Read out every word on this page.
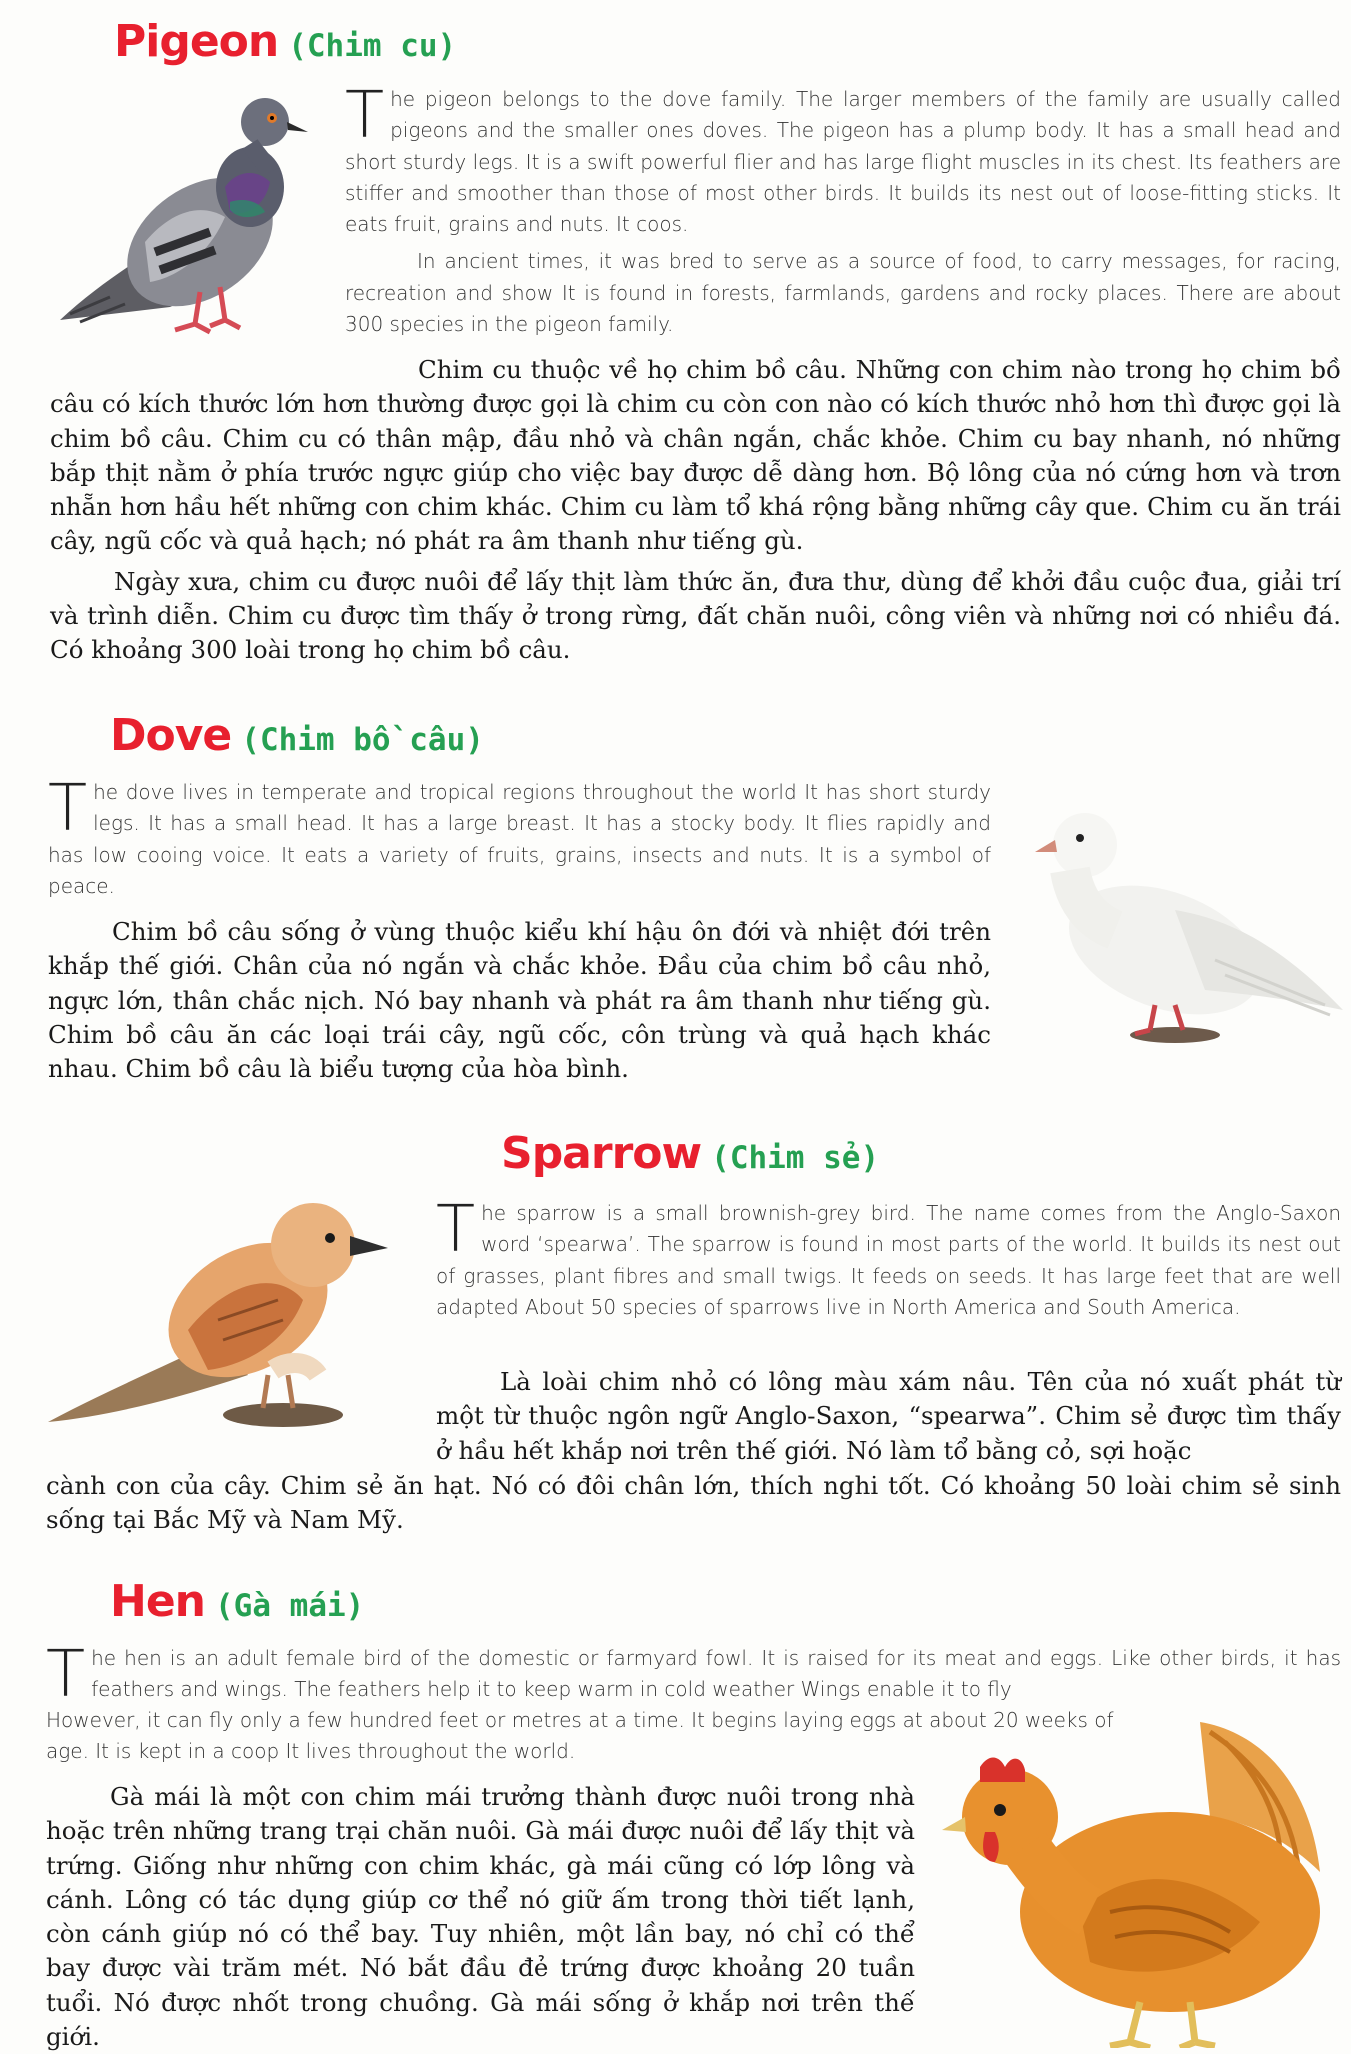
Pigeon (Chim cu)

The pigeon belongs to the dove family. The larger members of the family are usually called pigeons and the smaller ones doves. The pigeon has a plump body. It has a small head and short sturdy legs. It is a swift powerful flier and has large flight muscles in its chest. Its feathers are stiffer and smoother than those of most other birds. It builds its nest out of loose-fitting sticks. It eats fruit, grains and nuts. It coos.

In ancient times, it was bred to serve as a source of food, to carry messages, for racing, recreation and show It is found in forests, farmlands, gardens and rocky places. There are about 300 species in the pigeon family.

Chim cu thuộc về họ chim bồ câu. Những con chim nào trong họ chim bồ câu có kích thước lớn hơn thường được gọi là chim cu còn con nào có kích thước nhỏ hơn thì được gọi là chim bồ câu. Chim cu có thân mập, đầu nhỏ và chân ngắn, chắc khỏe. Chim cu bay nhanh, nó những bắp thịt nằm ở phía trước ngực giúp cho việc bay được dễ dàng hơn. Bộ lông của nó cứng hơn và trơn nhẵn hơn hầu hết những con chim khác. Chim cu làm tổ khá rộng bằng những cây que. Chim cu ăn trái cây, ngũ cốc và quả hạch; nó phát ra âm thanh như tiếng gù.

Ngày xưa, chim cu được nuôi để lấy thịt làm thức ăn, đưa thư, dùng để khởi đầu cuộc đua, giải trí và trình diễn. Chim cu được tìm thấy ở trong rừng, đất chăn nuôi, công viên và những nơi có nhiều đá. Có khoảng 300 loài trong họ chim bồ câu.

Dove (Chim bồ câu)

The dove lives in temperate and tropical regions throughout the world It has short sturdy legs. It has a small head. It has a large breast. It has a stocky body. It flies rapidly and has low cooing voice. It eats a variety of fruits, grains, insects and nuts. It is a symbol of peace.

Chim bồ câu sống ở vùng thuộc kiểu khí hậu ôn đới và nhiệt đới trên khắp thế giới. Chân của nó ngắn và chắc khỏe. Đầu của chim bồ câu nhỏ, ngực lớn, thân chắc nịch. Nó bay nhanh và phát ra âm thanh như tiếng gù. Chim bồ câu ăn các loại trái cây, ngũ cốc, côn trùng và quả hạch khác nhau. Chim bồ câu là biểu tượng của hòa bình.

Sparrow (Chim sẻ)

The sparrow is a small brownish-grey bird. The name comes from the Anglo-Saxon word ‘spearwa’. The sparrow is found in most parts of the world. It builds its nest out of grasses, plant fibres and small twigs. It feeds on seeds. It has large feet that are well adapted About 50 species of sparrows live in North America and South America.

Là loài chim nhỏ có lông màu xám nâu. Tên của nó xuất phát từ một từ thuộc ngôn ngữ Anglo-Saxon, “spearwa”. Chim sẻ được tìm thấy ở hầu hết khắp nơi trên thế giới. Nó làm tổ bằng cỏ, sợi hoặc

cành con của cây. Chim sẻ ăn hạt. Nó có đôi chân lớn, thích nghi tốt. Có khoảng 50 loài chim sẻ sinh sống tại Bắc Mỹ và Nam Mỹ.

Hen (Gà mái)

The hen is an adult female bird of the domestic or farmyard fowl. It is raised for its meat and eggs. Like other birds, it has feathers and wings. The feathers help it to keep warm in cold weather Wings enable it to fly

However, it can fly only a few hundred feet or metres at a time. It begins laying eggs at about 20 weeks of age. It is kept in a coop It lives throughout the world.

Gà mái là một con chim mái trưởng thành được nuôi trong nhà hoặc trên những trang trại chăn nuôi. Gà mái được nuôi để lấy thịt và trứng. Giống như những con chim khác, gà mái cũng có lớp lông và cánh. Lông có tác dụng giúp cơ thể nó giữ ấm trong thời tiết lạnh, còn cánh giúp nó có thể bay. Tuy nhiên, một lần bay, nó chỉ có thể bay được vài trăm mét. Nó bắt đầu đẻ trứng được khoảng 20 tuần tuổi. Nó được nhốt trong chuồng. Gà mái sống ở khắp nơi trên thế giới.
